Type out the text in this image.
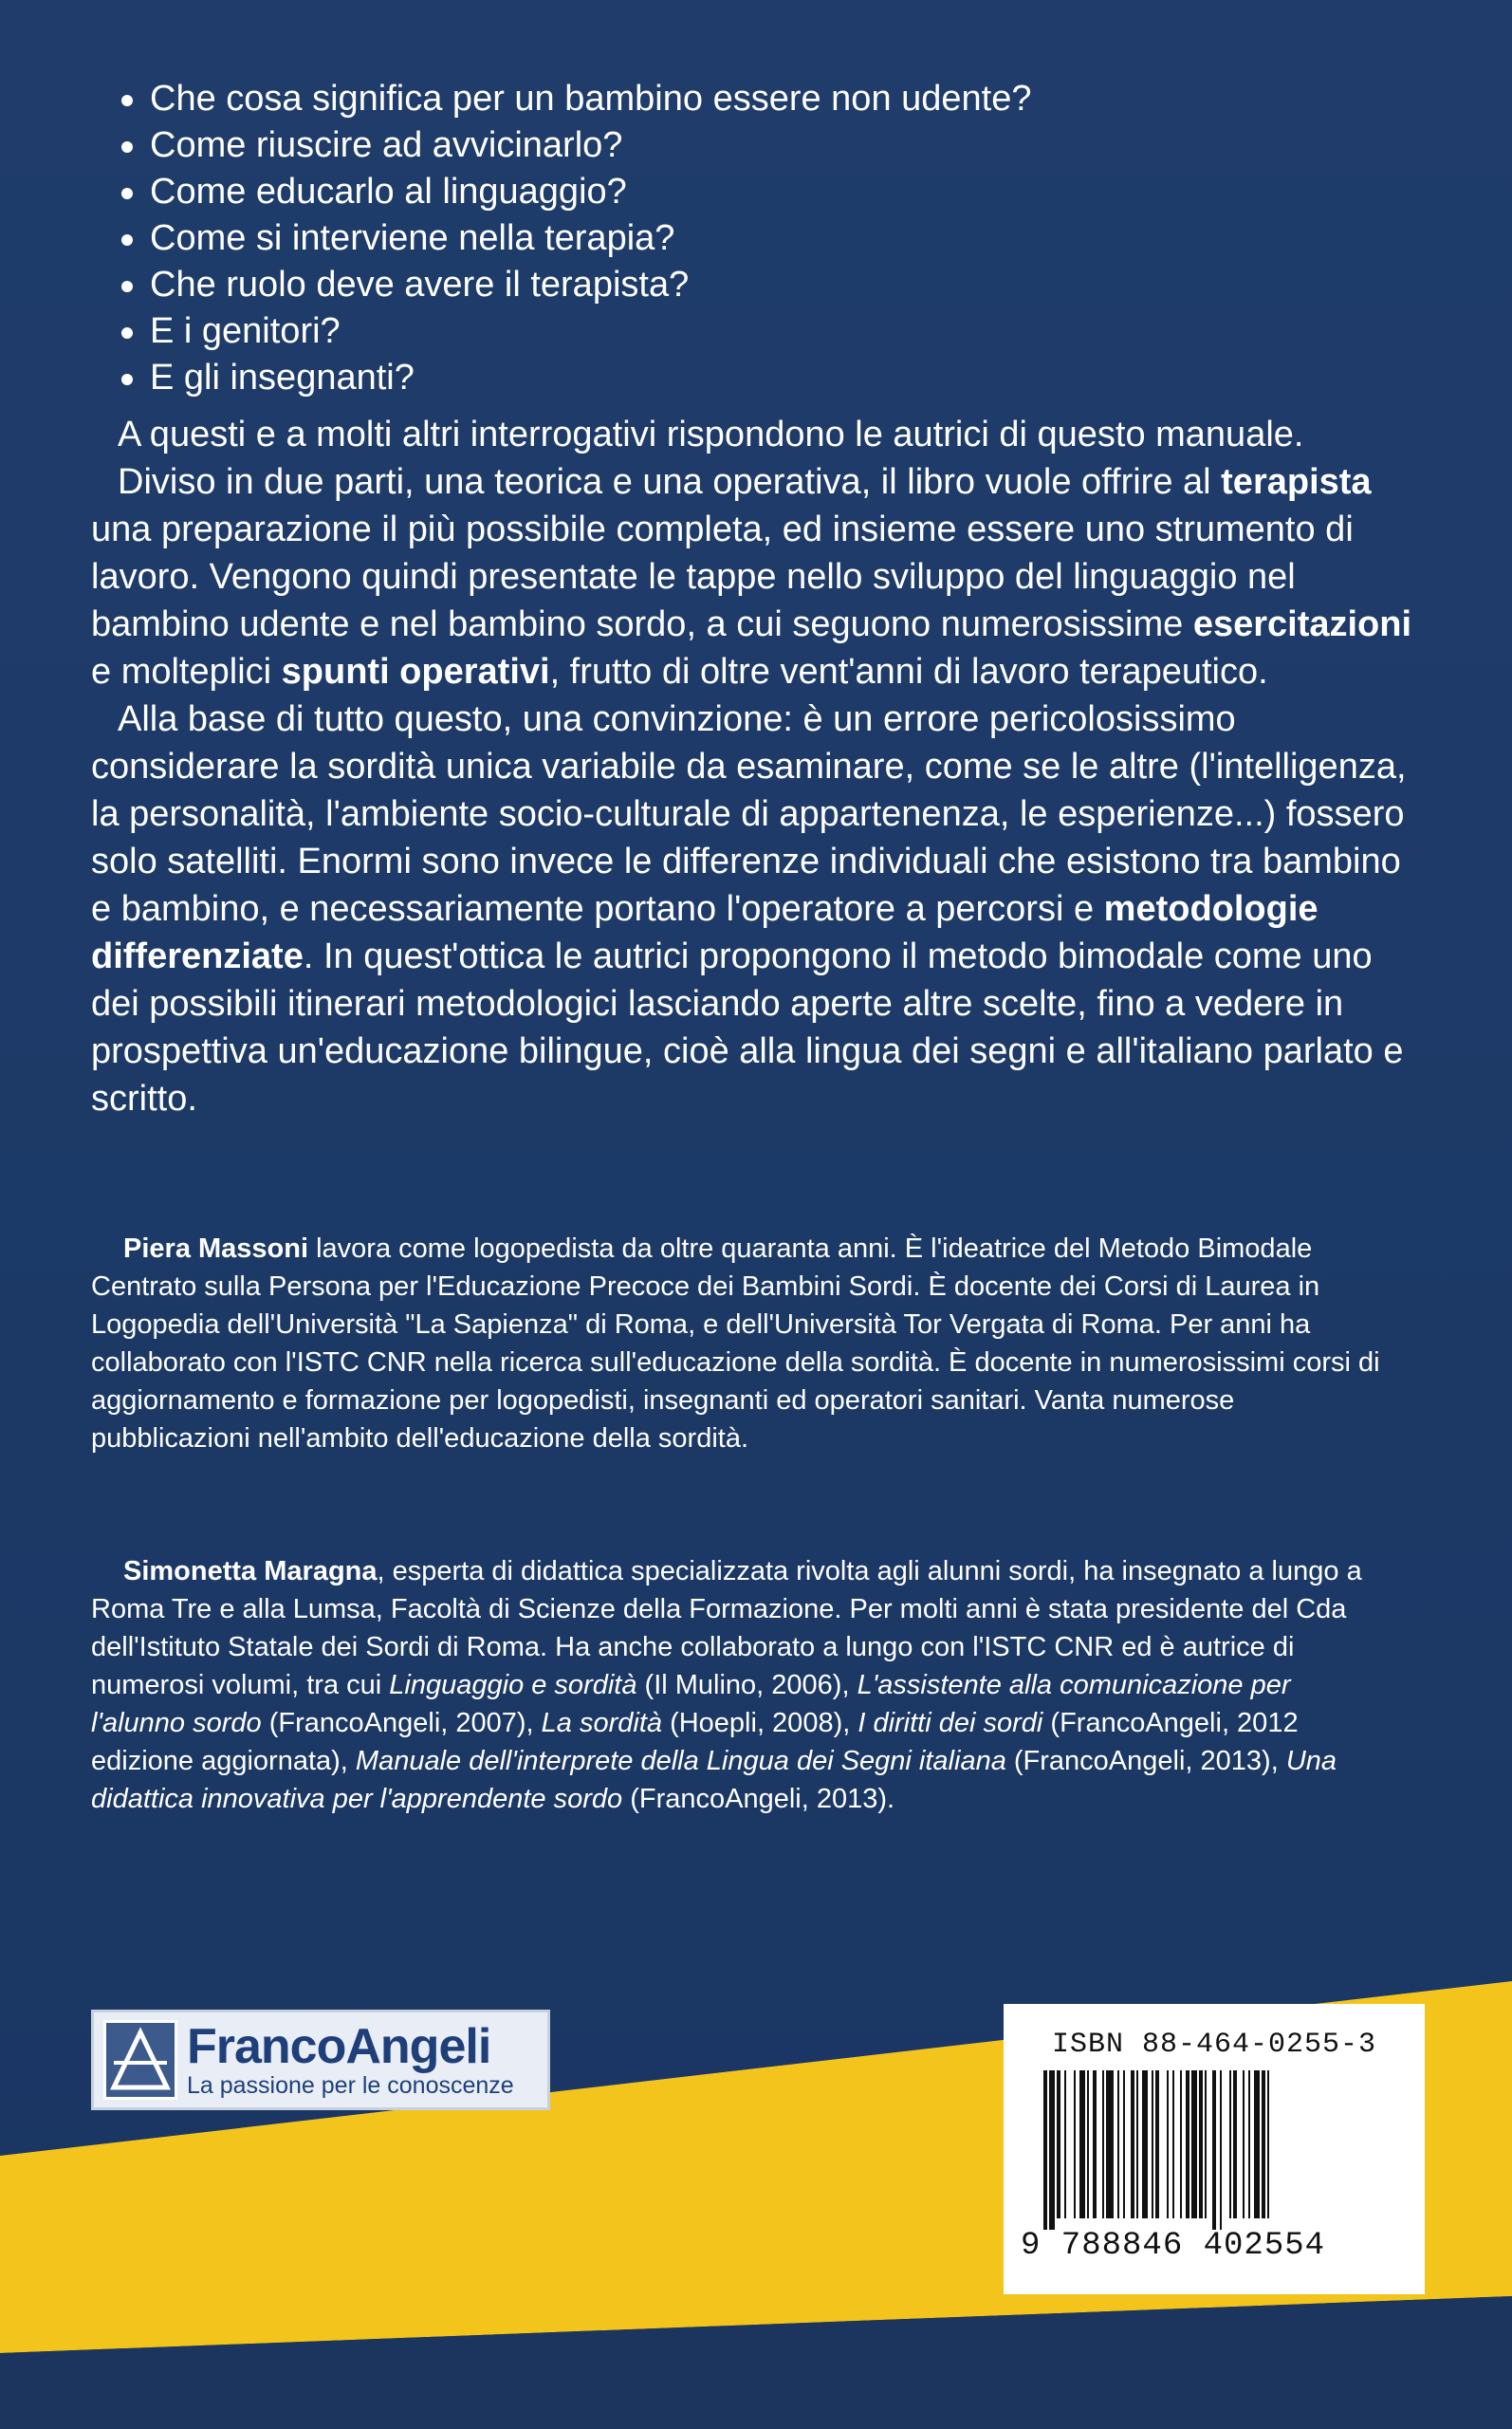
Che cosa significa per un bambino essere non udente?
Come riuscire ad avvicinarlo?
Come educarlo al linguaggio?
Come si interviene nella terapia?
Che ruolo deve avere il terapista?
E i genitori?
E gli insegnanti?

A questi e a molti altri interrogativi rispondono le autrici di questo manuale.

Diviso in due parti, una teorica e una operativa, il libro vuole offrire al terapista una preparazione il più possibile completa, ed insieme essere uno strumento di lavoro. Vengono quindi presentate le tappe nello sviluppo del linguaggio nel bambino udente e nel bambino sordo, a cui seguono numerosissime esercitazioni e molteplici spunti operativi, frutto di oltre vent'anni di lavoro terapeutico.

Alla base di tutto questo, una convinzione: è un errore pericolosissimo considerare la sordità unica variabile da esaminare, come se le altre (l'intelligenza, la personalità, l'ambiente socio-culturale di appartenenza, le esperienze...) fossero solo satelliti. Enormi sono invece le differenze individuali che esistono tra bambino e bambino, e necessariamente portano l'operatore a percorsi e metodologie differenziate. In quest'ottica le autrici propongono il metodo bimodale come uno dei possibili itinerari metodologici lasciando aperte altre scelte, fino a vedere in prospettiva un'educazione bilingue, cioè alla lingua dei segni e all'italiano parlato e scritto.

Piera Massoni lavora come logopedista da oltre quaranta anni. È l'ideatrice del Metodo Bimodale Centrato sulla Persona per l'Educazione Precoce dei Bambini Sordi. È docente dei Corsi di Laurea in Logopedia dell'Università "La Sapienza" di Roma, e dell'Università Tor Vergata di Roma. Per anni ha collaborato con l'ISTC CNR nella ricerca sull'educazione della sordità. È docente in numerosissimi corsi di aggiornamento e formazione per logopedisti, insegnanti ed operatori sanitari. Vanta numerose pubblicazioni nell'ambito dell'educazione della sordità.

Simonetta Maragna, esperta di didattica specializzata rivolta agli alunni sordi, ha insegnato a lungo a Roma Tre e alla Lumsa, Facoltà di Scienze della Formazione. Per molti anni è stata presidente del Cda dell'Istituto Statale dei Sordi di Roma. Ha anche collaborato a lungo con l'ISTC CNR ed è autrice di numerosi volumi, tra cui Linguaggio e sordità (Il Mulino, 2006), L'assistente alla comunicazione per l'alunno sordo (FrancoAngeli, 2007), La sordità (Hoepli, 2008), I diritti dei sordi (FrancoAngeli, 2012 edizione aggiornata), Manuale dell'interprete della Lingua dei Segni italiana (FrancoAngeli, 2013), Una didattica innovativa per l'apprendente sordo (FrancoAngeli, 2013).

FrancoAngeli
La passione per le conoscenze
ISBN 88-464-0255-3
9 788846 402554
